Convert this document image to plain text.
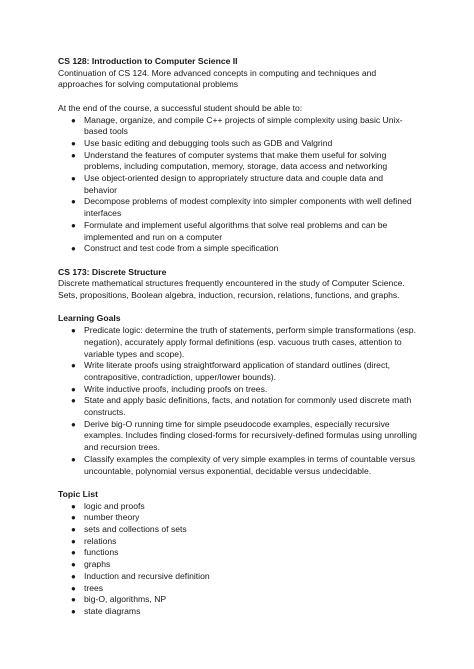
CS 128: Introduction to Computer Science II

Continuation of CS 124. More advanced concepts in computing and techniques and approaches for solving computational problems

At the end of the course, a successful student should be able to:

● Manage, organize, and compile C++ projects of simple complexity using basic Unix-based tools
● Use basic editing and debugging tools such as GDB and Valgrind
● Understand the features of computer systems that make them useful for solving problems, including computation, memory, storage, data access and networking
● Use object-oriented design to appropriately structure data and couple data and behavior
● Decompose problems of modest complexity into simpler components with well defined interfaces
● Formulate and implement useful algorithms that solve real problems and can be implemented and run on a computer
● Construct and test code from a simple specification

CS 173: Discrete Structure

Discrete mathematical structures frequently encountered in the study of Computer Science. Sets, propositions, Boolean algebra, induction, recursion, relations, functions, and graphs.

Learning Goals

● Predicate logic: determine the truth of statements, perform simple transformations (esp. negation), accurately apply formal definitions (esp. vacuous truth cases, attention to variable types and scope).
● Write literate proofs using straightforward application of standard outlines (direct, contrapositive, contradiction, upper/lower bounds).
● Write inductive proofs, including proofs on trees.
● State and apply basic definitions, facts, and notation for commonly used discrete math constructs.
● Derive big-O running time for simple pseudocode examples, especially recursive examples. Includes finding closed-forms for recursively-defined formulas using unrolling and recursion trees.
● Classify examples the complexity of very simple examples in terms of countable versus uncountable, polynomial versus exponential, decidable versus undecidable.

Topic List

● logic and proofs
● number theory
● sets and collections of sets
● relations
● functions
● graphs
● Induction and recursive definition
● trees
● big-O, algorithms, NP
● state diagrams
